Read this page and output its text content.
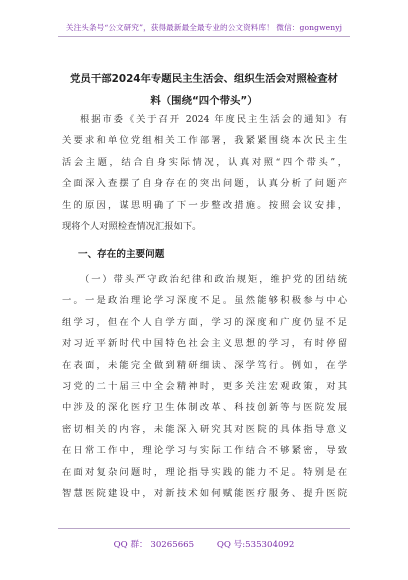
关注头条号“公文研究”，获得最新最全最专业的公文资料库！ 微信：gongwenyj
党员干部2024年专题民主生活会、组织生活会对照检查材
料（围绕“四个带头”）
根据市委《关于召开 2024 年度民主生活会的通知》有
关要求和单位党组相关工作部署，我紧紧围绕本次民主生
活会主题，结合自身实际情况，认真对照“四个带头”，
全面深入查摆了自身存在的突出问题，认真分析了问题产
生的原因，谋思明确了下一步整改措施。按照会议安排，
现将个人对照检查情况汇报如下。
一、存在的主要问题
（一）带头严守政治纪律和政治规矩，维护党的团结统
一。一是政治理论学习深度不足。虽然能够积极参与中心
组学习，但在个人自学方面，学习的深度和广度仍显不足
对习近平新时代中国特色社会主义思想的学习，有时停留
在表面，未能完全做到精研细读、深学笃行。例如，在学
习党的二十届三中全会精神时，更多关注宏观政策，对其
中涉及的深化医疗卫生体制改革、科技创新等与医院发展
密切相关的内容，未能深入研究其对医院的具体指导意义
在日常工作中，理论学习与实际工作结合不够紧密，导致
在面对复杂问题时，理论指导实践的能力不足。特别是在
智慧医院建设中，对新技术如何赋能医疗服务、提升医院
QQ 群： 30265665	QQ 号:535304092
